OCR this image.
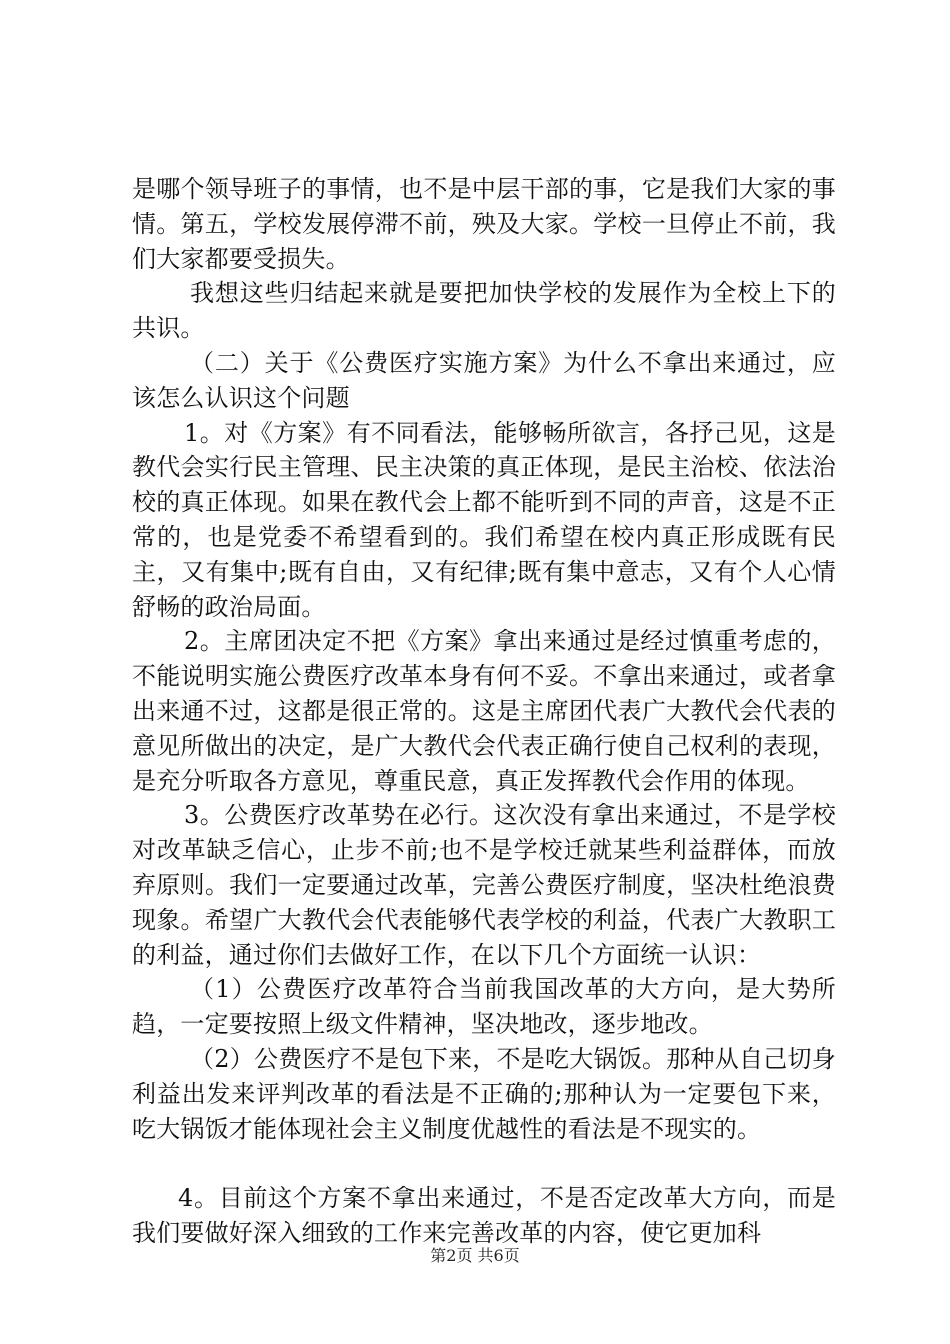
是哪个领导班子的事情，也不是中层干部的事，它是我们大家的事情。第五，学校发展停滞不前，殃及大家。学校一旦停止不前，我们大家都要受损失。

我想这些归结起来就是要把加快学校的发展作为全校上下的共识。

（二）关于《公费医疗实施方案》为什么不拿出来通过，应该怎么认识这个问题

1。对《方案》有不同看法，能够畅所欲言，各抒己见，这是教代会实行民主管理、民主决策的真正体现，是民主治校、依法治校的真正体现。如果在教代会上都不能听到不同的声音，这是不正常的，也是党委不希望看到的。我们希望在校内真正形成既有民主，又有集中;既有自由，又有纪律;既有集中意志，又有个人心情舒畅的政治局面。

2。主席团决定不把《方案》拿出来通过是经过慎重考虑的，不能说明实施公费医疗改革本身有何不妥。不拿出来通过，或者拿出来通不过，这都是很正常的。这是主席团代表广大教代会代表的意见所做出的决定，是广大教代会代表正确行使自己权利的表现，是充分听取各方意见，尊重民意，真正发挥教代会作用的体现。

3。公费医疗改革势在必行。这次没有拿出来通过，不是学校对改革缺乏信心，止步不前;也不是学校迁就某些利益群体，而放弃原则。我们一定要通过改革，完善公费医疗制度，坚决杜绝浪费现象。希望广大教代会代表能够代表学校的利益，代表广大教职工的利益，通过你们去做好工作，在以下几个方面统一认识：

（1）公费医疗改革符合当前我国改革的大方向，是大势所趋，一定要按照上级文件精神，坚决地改，逐步地改。

（2）公费医疗不是包下来，不是吃大锅饭。那种从自己切身利益出发来评判改革的看法是不正确的;那种认为一定要包下来，吃大锅饭才能体现社会主义制度优越性的看法是不现实的。

4。目前这个方案不拿出来通过，不是否定改革大方向，而是我们要做好深入细致的工作来完善改革的内容，使它更加科

第2页 共6页
